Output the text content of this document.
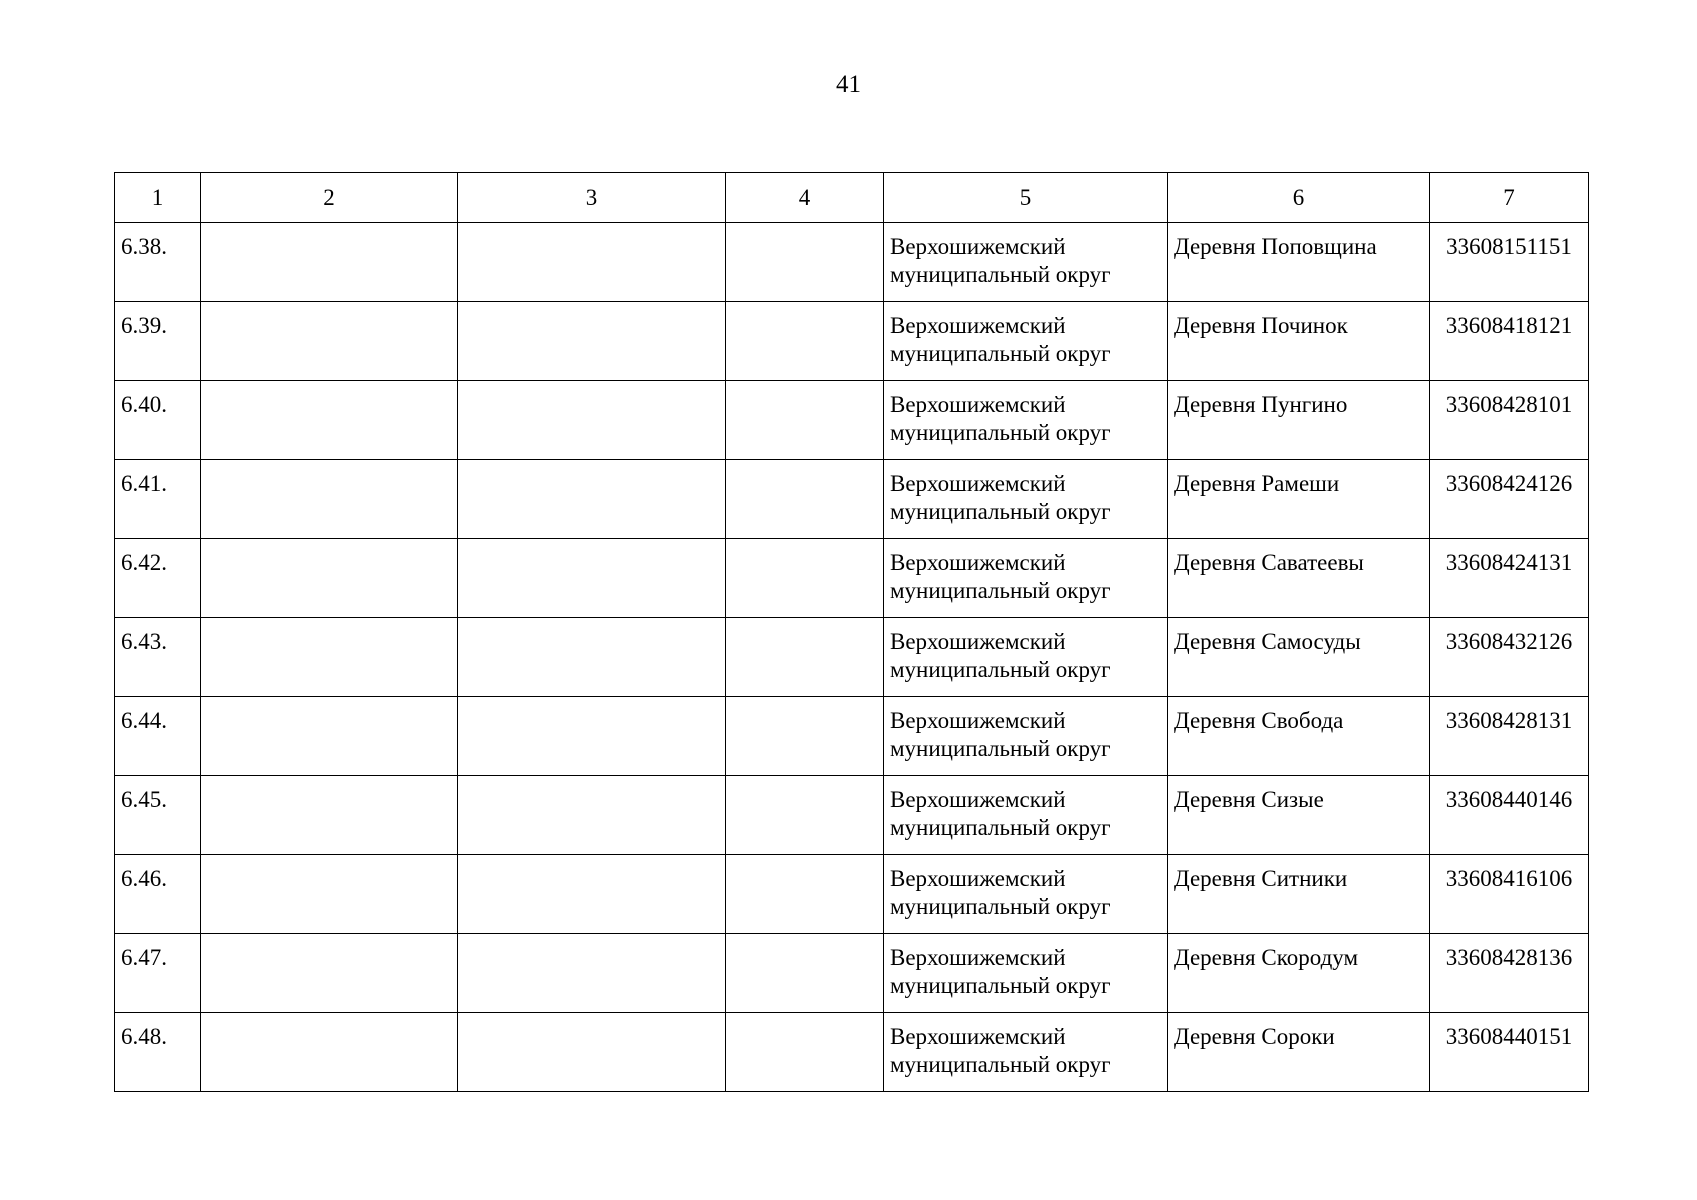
41
1	2	3	4	5	6	7

6.38.				Верхошижемский
муниципальный округ	Деревня Поповщина	33608151151

6.39.				Верхошижемский
муниципальный округ	Деревня Починок	33608418121

6.40.				Верхошижемский
муниципальный округ	Деревня Пунгино	33608428101

6.41.				Верхошижемский
муниципальный округ	Деревня Рамеши	33608424126

6.42.				Верхошижемский
муниципальный округ	Деревня Саватеевы	33608424131

6.43.				Верхошижемский
муниципальный округ	Деревня Самосуды	33608432126

6.44.				Верхошижемский
муниципальный округ	Деревня Свобода	33608428131

6.45.				Верхошижемский
муниципальный округ	Деревня Сизые	33608440146

6.46.				Верхошижемский
муниципальный округ	Деревня Ситники	33608416106

6.47.				Верхошижемский
муниципальный округ	Деревня Скородум	33608428136

6.48.				Верхошижемский
муниципальный округ	Деревня Сороки	33608440151
